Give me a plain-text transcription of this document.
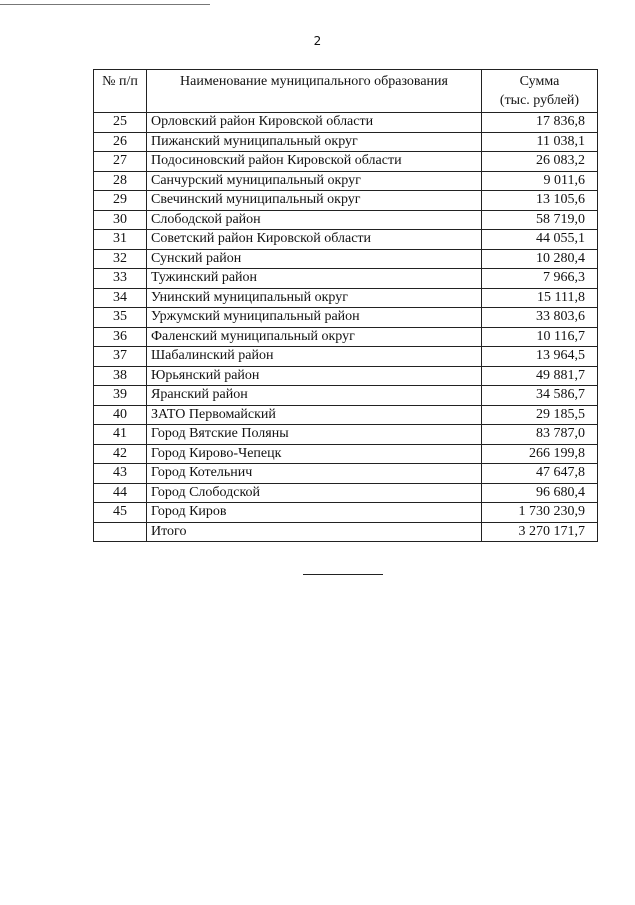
2
№ п/п	Наименование муниципального образования	Сумма
(тыс. рублей)

25	Орловский район Кировской области	17 836,8
26	Пижанский муниципальный округ	11 038,1
27	Подосиновский район Кировской области	26 083,2
28	Санчурский муниципальный округ	9 011,6
29	Свечинский муниципальный округ	13 105,6
30	Слободской район	58 719,0
31	Советский район Кировской области	44 055,1
32	Сунский район	10 280,4
33	Тужинский район	7 966,3
34	Унинский муниципальный округ	15 111,8
35	Уржумский муниципальный район	33 803,6
36	Фаленский муниципальный округ	10 116,7
37	Шабалинский район	13 964,5
38	Юрьянский район	49 881,7
39	Яранский район	34 586,7
40	ЗАТО Первомайский	29 185,5
41	Город Вятские Поляны	83 787,0
42	Город Кирово-Чепецк	266 199,8
43	Город Котельнич	47 647,8
44	Город Слободской	96 680,4
45	Город Киров	1 730 230,9
	Итого	3 270 171,7
